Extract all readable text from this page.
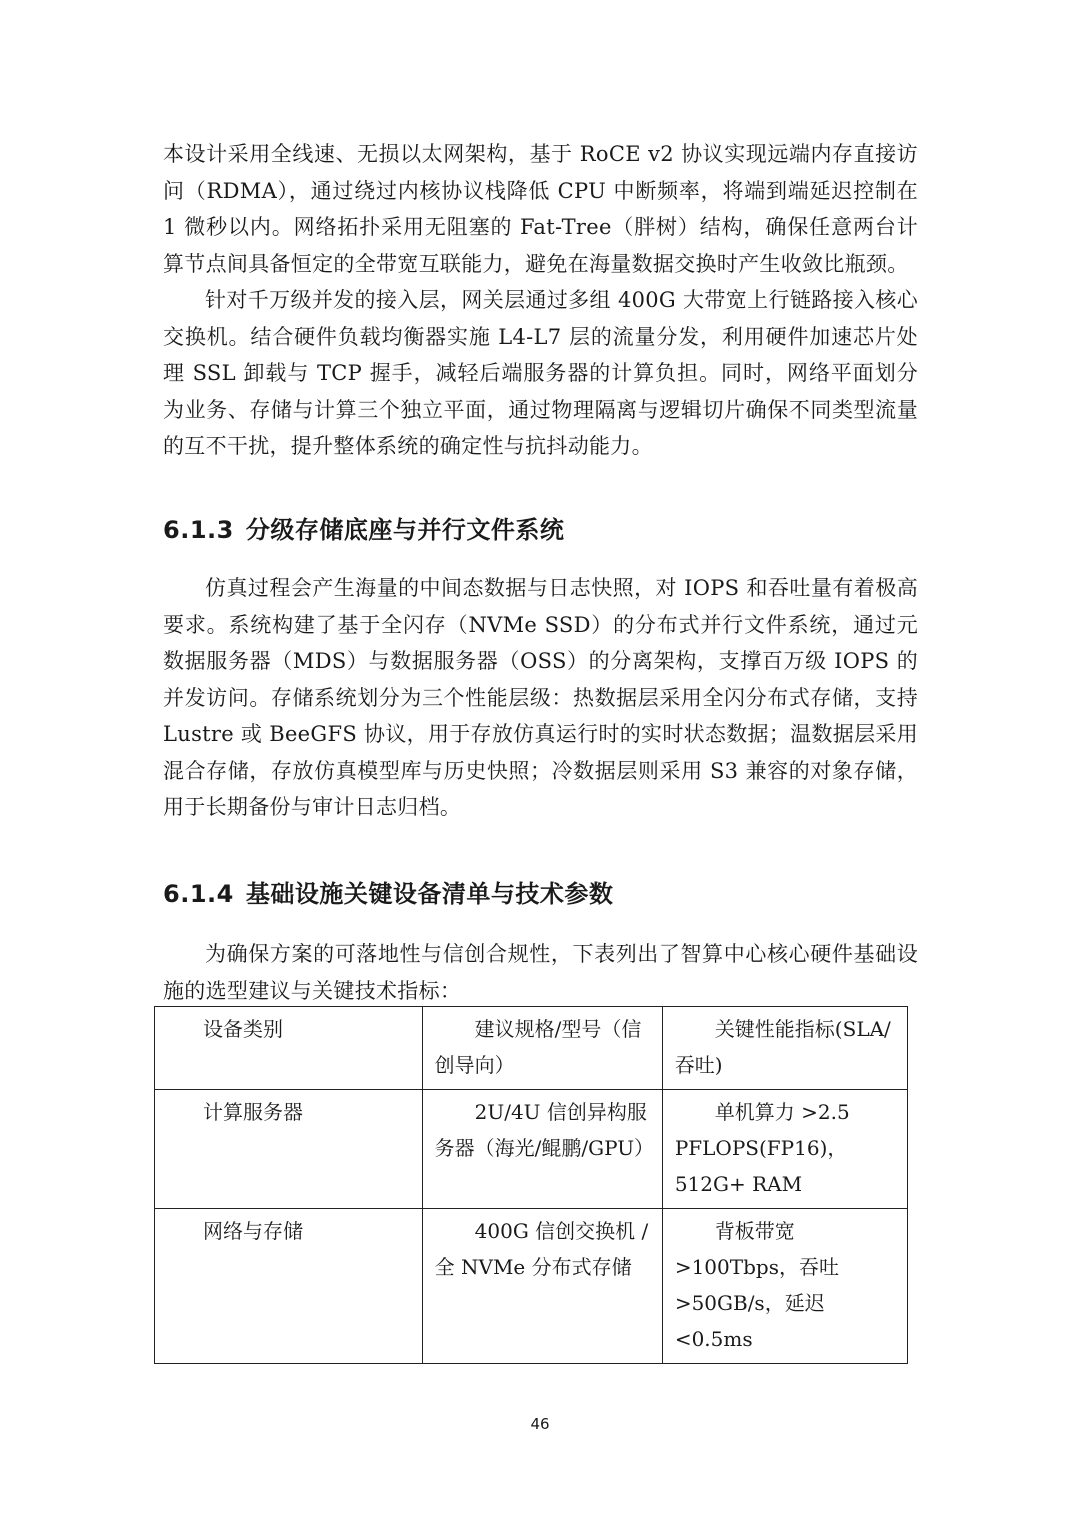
本设计采用全线速、无损以太网架构，基于 RoCE v2 协议实现远端内存直接访问（RDMA），通过绕过内核协议栈降低 CPU 中断频率，将端到端延迟控制在 1 微秒以内。网络拓扑采用无阻塞的 Fat-Tree（胖树）结构，确保任意两台计算节点间具备恒定的全带宽互联能力，避免在海量数据交换时产生收敛比瓶颈。

针对千万级并发的接入层，网关层通过多组 400G 大带宽上行链路接入核心交换机。结合硬件负载均衡器实施 L4-L7 层的流量分发，利用硬件加速芯片处理 SSL 卸载与 TCP 握手，减轻后端服务器的计算负担。同时，网络平面划分为业务、存储与计算三个独立平面，通过物理隔离与逻辑切片确保不同类型流量的互不干扰，提升整体系统的确定性与抗抖动能力。

6.1.3 分级存储底座与并行文件系统

仿真过程会产生海量的中间态数据与日志快照，对 IOPS 和吞吐量有着极高要求。系统构建了基于全闪存（NVMe SSD）的分布式并行文件系统，通过元数据服务器（MDS）与数据服务器（OSS）的分离架构，支撑百万级 IOPS 的并发访问。存储系统划分为三个性能层级：热数据层采用全闪分布式存储，支持 Lustre 或 BeeGFS 协议，用于存放仿真运行时的实时状态数据；温数据层采用混合存储，存放仿真模型库与历史快照；冷数据层则采用 S3 兼容的对象存储，用于长期备份与审计日志归档。

6.1.4 基础设施关键设备清单与技术参数

为确保方案的可落地性与信创合规性，下表列出了智算中心核心硬件基础设施的选型建议与关键技术指标：

设备类别	建议规格/型号（信创导向）	关键性能指标(SLA/吞吐)
计算服务器	2U/4U 信创异构服务器（海光/鲲鹏/GPU）	单机算力 >2.5 PFLOPS(FP16)，512G+ RAM
网络与存储	400G 信创交换机 / 全 NVMe 分布式存储	背板带宽>100Tbps，吞吐 >50GB/s，延迟 <0.5ms
46
